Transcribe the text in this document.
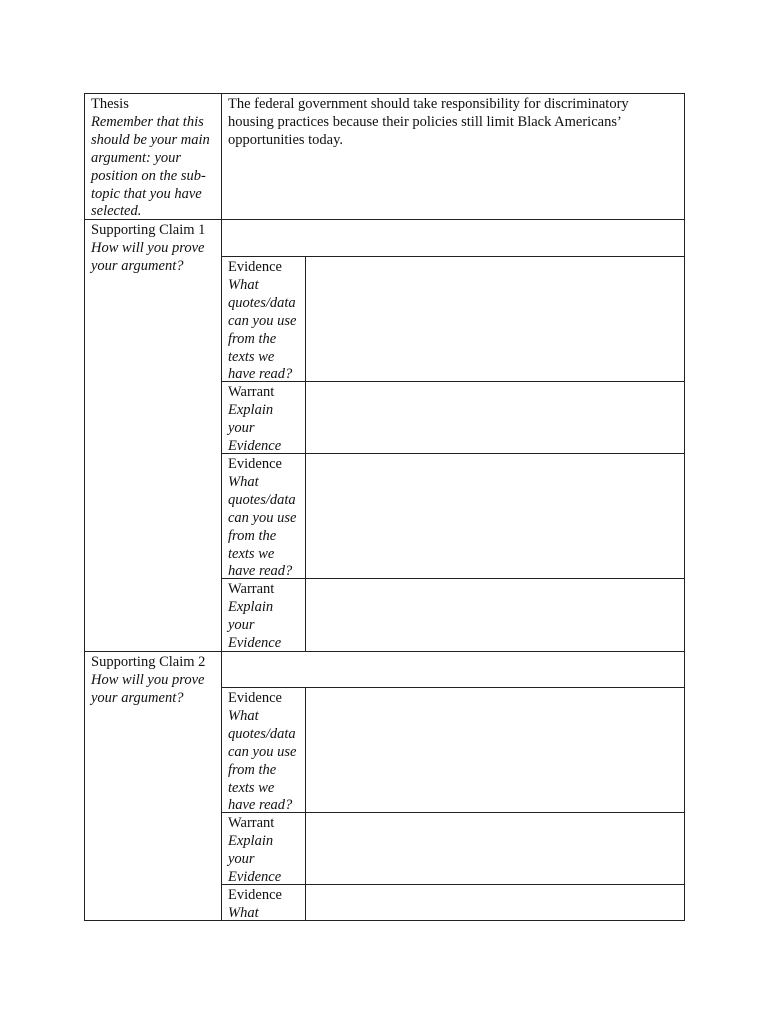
Thesis
Remember that this should be your main argument: your position on the sub-topic that you have selected.
The federal government should take responsibility for discriminatory housing practices because their policies still limit Black Americans’ opportunities today.
Supporting Claim 1
How will you prove your argument?	Evidence
What quotes/data can you use from the texts we have read?
Warrant
Explain your Evidence
Evidence
What quotes/data can you use from the texts we have read?
Warrant
Explain your Evidence
Supporting Claim 2
How will you prove your argument?	Evidence
What quotes/data can you use from the texts we have read?
Warrant
Explain your Evidence
Evidence
What
